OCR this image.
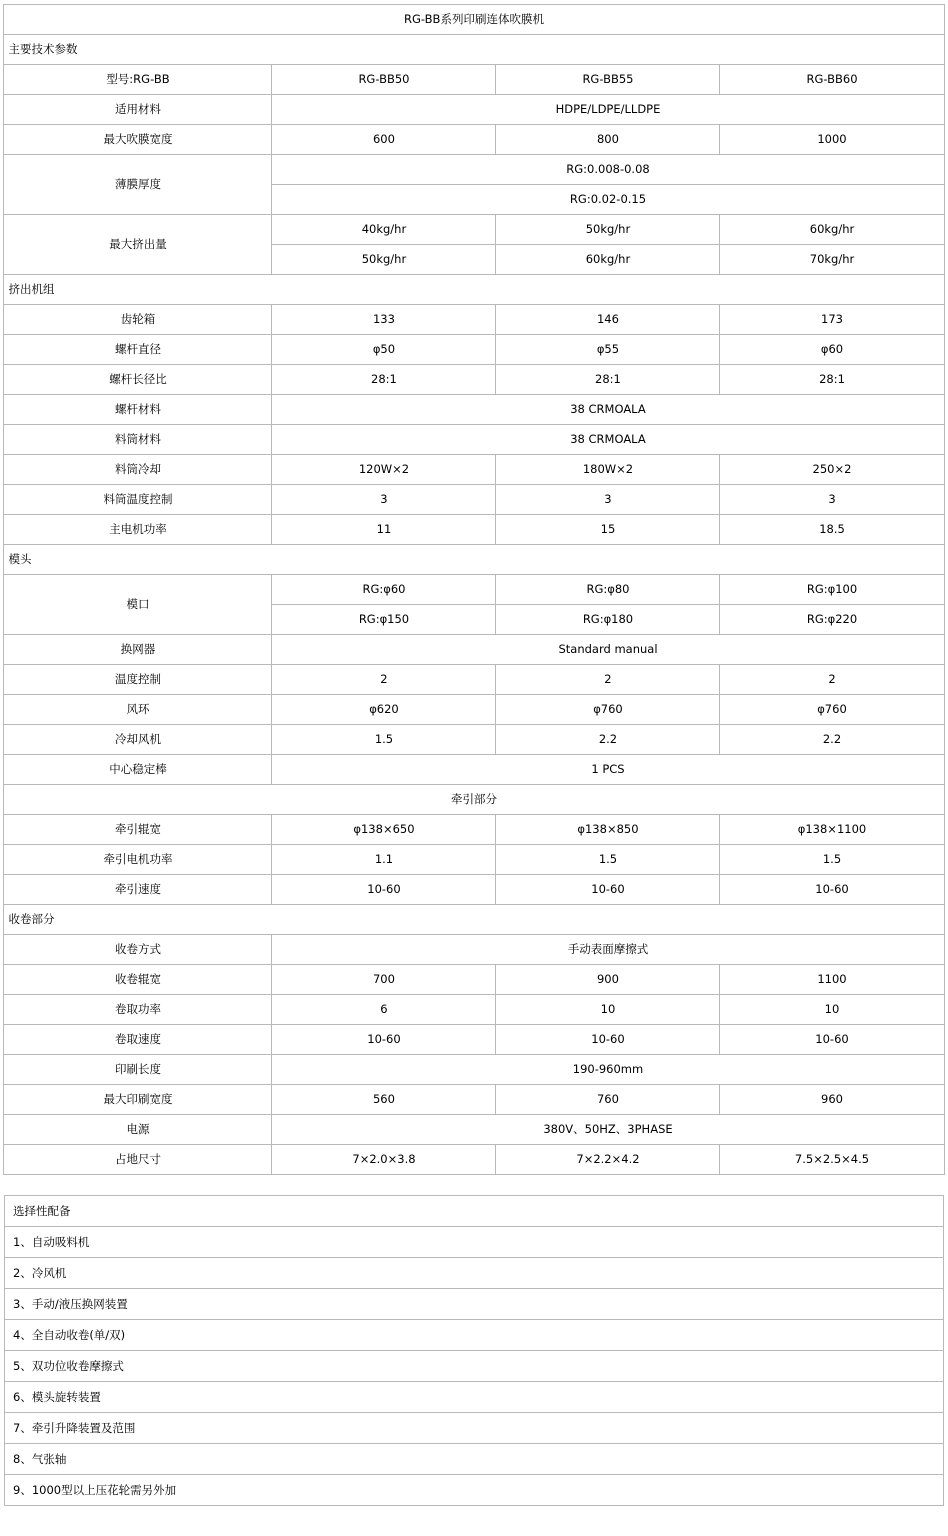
RG-BB系列印刷连体吹膜机			
主要技术参数			
型号:RG-BB	RG-BB50	RG-BB55	RG-BB60
适用材料	HDPE/LDPE/LLDPE		
最大吹膜宽度	600	800	1000
薄膜厚度	RG:0.008-0.08		
	RG:0.02-0.15		
最大挤出量	40kg/hr	50kg/hr	60kg/hr
	50kg/hr	60kg/hr	70kg/hr
挤出机组			
齿轮箱	133	146	173
螺杆直径	φ50	φ55	φ60
螺杆长径比	28:1	28:1	28:1
螺杆材料	38 CRMOALA		
料筒材料	38 CRMOALA		
料筒冷却	120W×2	180W×2	250×2
料筒温度控制	3	3	3
主电机功率	11	15	18.5
模头			
模口	RG:φ60	RG:φ80	RG:φ100
	RG:φ150	RG:φ180	RG:φ220
换网器	Standard manual		
温度控制	2	2	2
风环	φ620	φ760	φ760
冷却风机	1.5	2.2	2.2
中心稳定棒	1 PCS		
牵引部分			
牵引辊宽	φ138×650	φ138×850	φ138×1100
牵引电机功率	1.1	1.5	1.5
牵引速度	10-60	10-60	10-60
收卷部分			
收卷方式	手动表面摩擦式		
收卷辊宽	700	900	1100
卷取功率	6	10	10
卷取速度	10-60	10-60	10-60
印刷长度	190-960mm		
最大印刷宽度	560	760	960
电源	380V、50HZ、3PHASE		
占地尺寸	7×2.0×3.8	7×2.2×4.2	7.5×2.5×4.5
选择性配备
1、自动吸料机
2、冷风机
3、手动/液压换网装置
4、全自动收卷(单/双)
5、双功位收卷摩擦式
6、模头旋转装置
7、牵引升降装置及范围
8、气张轴
9、1000型以上压花轮需另外加
